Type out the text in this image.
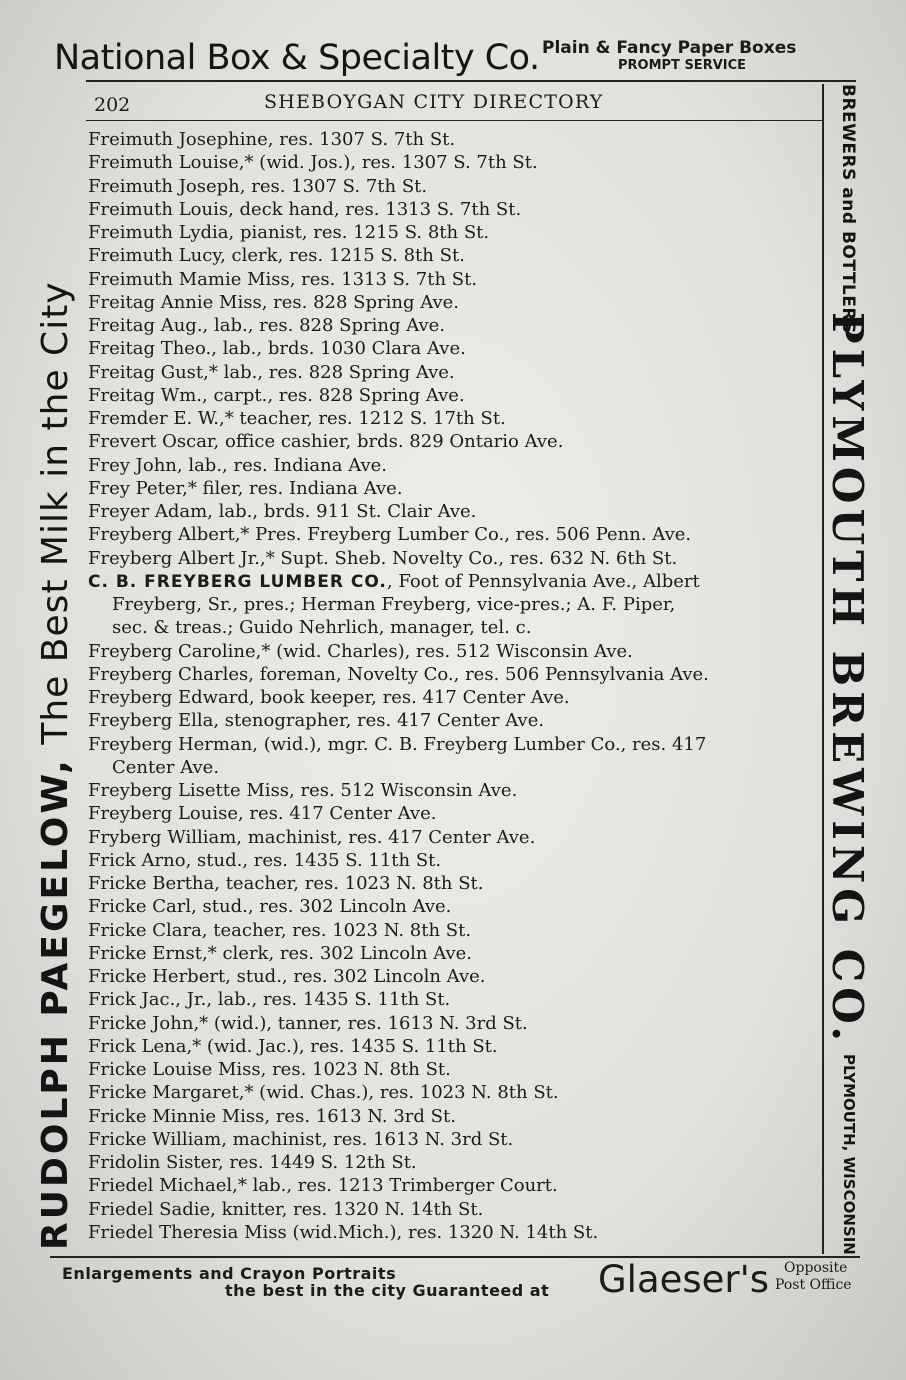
National Box & Specialty Co. Plain & Fancy Paper Boxes
PROMPT SERVICE
RUDOLPH PAEGELOW, The Best Milk in the City
BREWERS and BOTTLERS
PLYMOUTH BREWING CO.
PLYMOUTH, WISCONSIN
202	SHEBOYGAN CITY DIRECTORY
Freimuth Josephine, res. 1307 S. 7th St.
Freimuth Louise,* (wid. Jos.), res. 1307 S. 7th St.
Freimuth Joseph, res. 1307 S. 7th St.
Freimuth Louis, deck hand, res. 1313 S. 7th St.
Freimuth Lydia, pianist, res. 1215 S. 8th St.
Freimuth Lucy, clerk, res. 1215 S. 8th St.
Freimuth Mamie Miss, res. 1313 S. 7th St.
Freitag Annie Miss, res. 828 Spring Ave.
Freitag Aug., lab., res. 828 Spring Ave.
Freitag Theo., lab., brds. 1030 Clara Ave.
Freitag Gust,* lab., res. 828 Spring Ave.
Freitag Wm., carpt., res. 828 Spring Ave.
Fremder E. W.,* teacher, res. 1212 S. 17th St.
Frevert Oscar, office cashier, brds. 829 Ontario Ave.
Frey John, lab., res. Indiana Ave.
Frey Peter,* filer, res. Indiana Ave.
Freyer Adam, lab., brds. 911 St. Clair Ave.
Freyberg Albert,* Pres. Freyberg Lumber Co., res. 506 Penn. Ave.
Freyberg Albert Jr.,* Supt. Sheb. Novelty Co., res. 632 N. 6th St.
C. B. FREYBERG LUMBER CO., Foot of Pennsylvania Ave., Albert
Freyberg, Sr., pres.; Herman Freyberg, vice-pres.; A. F. Piper,
sec. & treas.; Guido Nehrlich, manager, tel. c.
Freyberg Caroline,* (wid. Charles), res. 512 Wisconsin Ave.
Freyberg Charles, foreman, Novelty Co., res. 506 Pennsylvania Ave.
Freyberg Edward, book keeper, res. 417 Center Ave.
Freyberg Ella, stenographer, res. 417 Center Ave.
Freyberg Herman, (wid.), mgr. C. B. Freyberg Lumber Co., res. 417
Center Ave.
Freyberg Lisette Miss, res. 512 Wisconsin Ave.
Freyberg Louise, res. 417 Center Ave.
Fryberg William, machinist, res. 417 Center Ave.
Frick Arno, stud., res. 1435 S. 11th St.
Fricke Bertha, teacher, res. 1023 N. 8th St.
Fricke Carl, stud., res. 302 Lincoln Ave.
Fricke Clara, teacher, res. 1023 N. 8th St.
Fricke Ernst,* clerk, res. 302 Lincoln Ave.
Fricke Herbert, stud., res. 302 Lincoln Ave.
Frick Jac., Jr., lab., res. 1435 S. 11th St.
Fricke John,* (wid.), tanner, res. 1613 N. 3rd St.
Frick Lena,* (wid. Jac.), res. 1435 S. 11th St.
Fricke Louise Miss, res. 1023 N. 8th St.
Fricke Margaret,* (wid. Chas.), res. 1023 N. 8th St.
Fricke Minnie Miss, res. 1613 N. 3rd St.
Fricke William, machinist, res. 1613 N. 3rd St.
Fridolin Sister, res. 1449 S. 12th St.
Friedel Michael,* lab., res. 1213 Trimberger Court.
Friedel Sadie, knitter, res. 1320 N. 14th St.
Friedel Theresia Miss (wid.Mich.), res. 1320 N. 14th St.
Enlargements and Crayon Portraits
the best in the city Guaranteed at Glaeser's Opposite
Post Office
